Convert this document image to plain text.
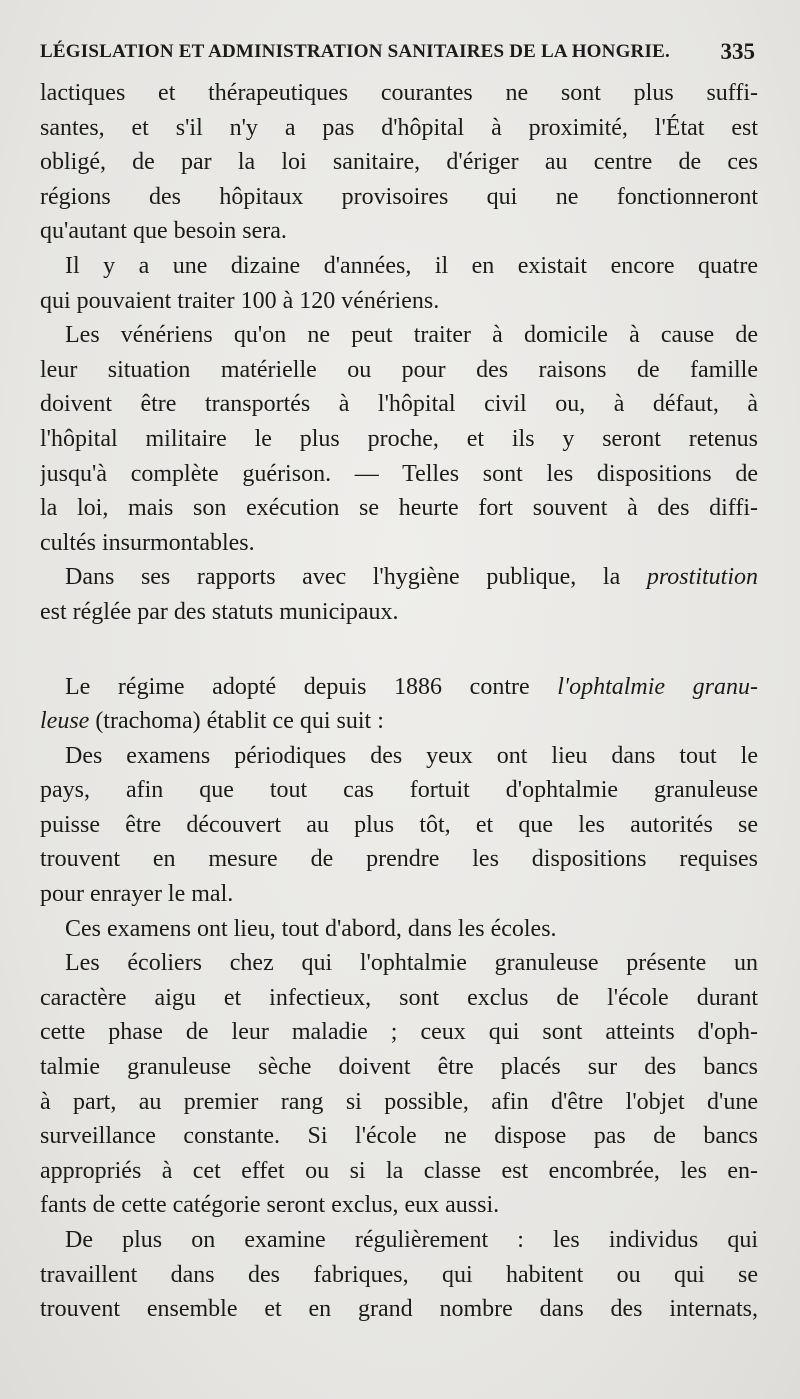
LÉGISLATION ET ADMINISTRATION SANITAIRES DE LA HONGRIE. 335
lactiques et thérapeutiques courantes ne sont plus suffi-
santes, et s'il n'y a pas d'hôpital à proximité, l'État est
obligé, de par la loi sanitaire, d'ériger au centre de ces
régions des hôpitaux provisoires qui ne fonctionneront
qu'autant que besoin sera.
Il y a une dizaine d'années, il en existait encore quatre
qui pouvaient traiter 100 à 120 vénériens.
Les vénériens qu'on ne peut traiter à domicile à cause de
leur situation matérielle ou pour des raisons de famille
doivent être transportés à l'hôpital civil ou, à défaut, à
l'hôpital militaire le plus proche, et ils y seront retenus
jusqu'à complète guérison. — Telles sont les dispositions de
la loi, mais son exécution se heurte fort souvent à des diffi-
cultés insurmontables.
Dans ses rapports avec l'hygiène publique, la prostitution
est réglée par des statuts municipaux.
Le régime adopté depuis 1886 contre l'ophtalmie granu-
leuse (trachoma) établit ce qui suit :
Des examens périodiques des yeux ont lieu dans tout le
pays, afin que tout cas fortuit d'ophtalmie granuleuse
puisse être découvert au plus tôt, et que les autorités se
trouvent en mesure de prendre les dispositions requises
pour enrayer le mal.
Ces examens ont lieu, tout d'abord, dans les écoles.
Les écoliers chez qui l'ophtalmie granuleuse présente un
caractère aigu et infectieux, sont exclus de l'école durant
cette phase de leur maladie ; ceux qui sont atteints d'oph-
talmie granuleuse sèche doivent être placés sur des bancs
à part, au premier rang si possible, afin d'être l'objet d'une
surveillance constante. Si l'école ne dispose pas de bancs
appropriés à cet effet ou si la classe est encombrée, les en-
fants de cette catégorie seront exclus, eux aussi.
De plus on examine régulièrement : les individus qui
travaillent dans des fabriques, qui habitent ou qui se
trouvent ensemble et en grand nombre dans des internats,
